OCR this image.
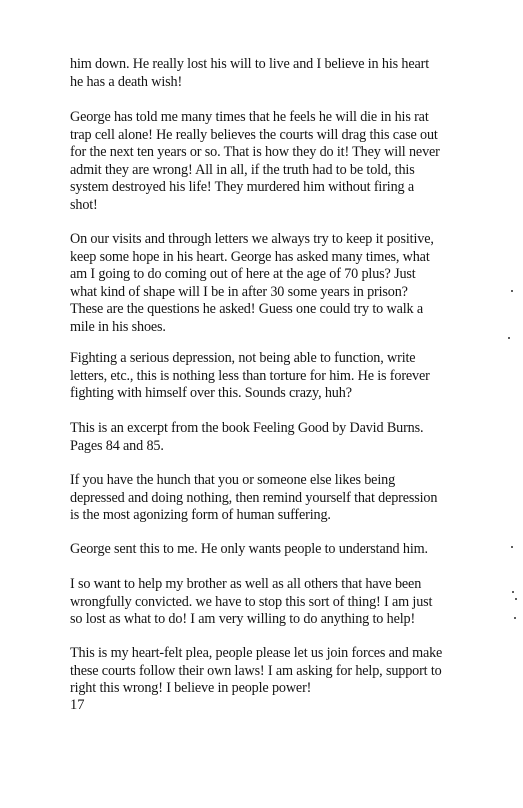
him down. He really lost his will to live and I believe in his heart
he has a death wish!
George has told me many times that he feels he will die in his rat
trap cell alone! He really believes the courts will drag this case out
for the next ten years or so. That is how they do it! They will never
admit they are wrong! All in all, if the truth had to be told, this
system destroyed his life! They murdered him without firing a
shot!
On our visits and through letters we always try to keep it positive,
keep some hope in his heart. George has asked many times, what
am I going to do coming out of here at the age of 70 plus? Just
what kind of shape will I be in after 30 some years in prison?
These are the questions he asked! Guess one could try to walk a
mile in his shoes.
Fighting a serious depression, not being able to function, write
letters, etc., this is nothing less than torture for him. He is forever
fighting with himself over this. Sounds crazy, huh?
This is an excerpt from the book Feeling Good by David Burns.
Pages 84 and 85.
If you have the hunch that you or someone else likes being
depressed and doing nothing, then remind yourself that depression
is the most agonizing form of human suffering.
George sent this to me. He only wants people to understand him.
I so want to help my brother as well as all others that have been
wrongfully convicted. we have to stop this sort of thing! I am just
so lost as what to do! I am very willing to do anything to help!
This is my heart-felt plea, people please let us join forces and make
these courts follow their own laws! I am asking for help, support to
right this wrong! I believe in people power!
17
